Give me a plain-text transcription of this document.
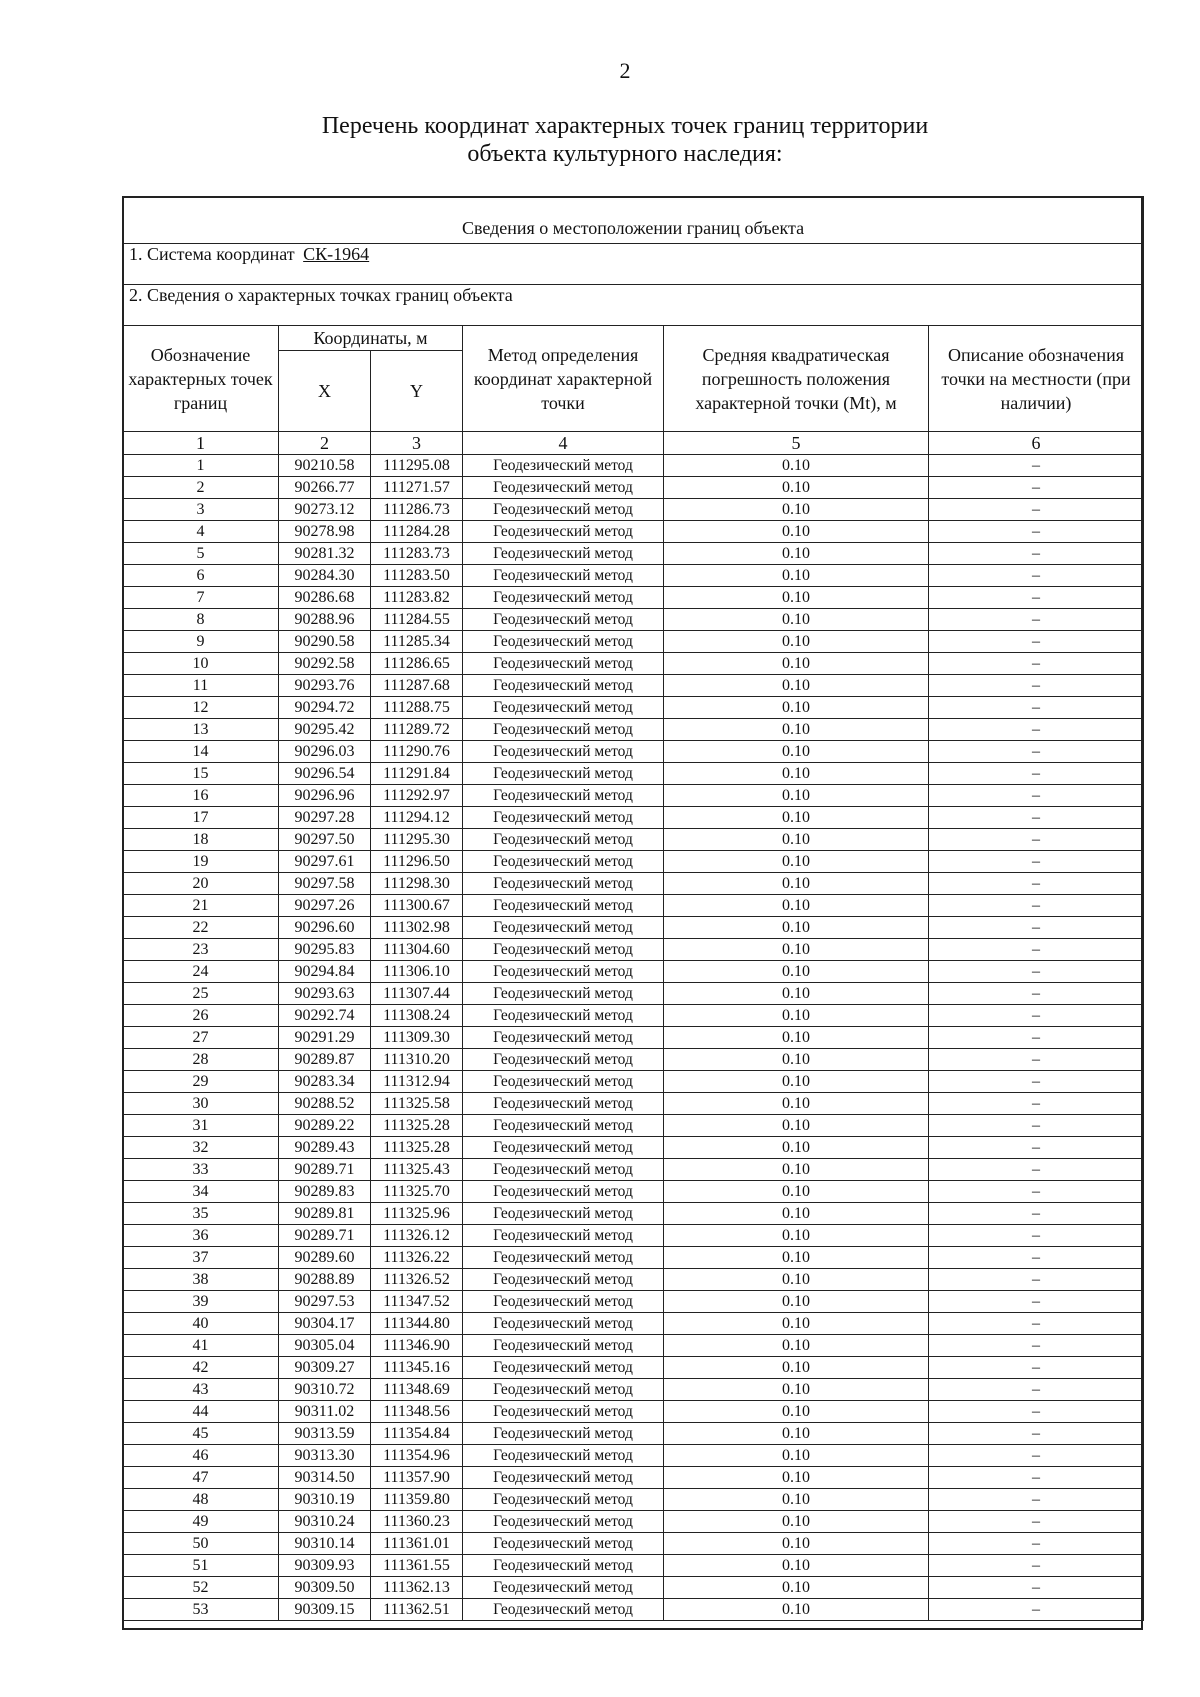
2
Перечень координат характерных точек границ территории
объекта культурного наследия:
Сведения о местоположении границ объекта					
1. Система координат СК-1964					
2. Сведения о характерных точках границ объекта					
Обозначение характерных точек границ	Координаты, м		Метод определения координат характерной точки	Средняя квадратическая погрешность положения характерной точки (Mt), м	Описание обозначения точки на местности (при наличии)
	X	Y			
1	2	3	4	5	6
1	90210.58	111295.08	Геодезический метод	0.10	–
2	90266.77	111271.57	Геодезический метод	0.10	–
3	90273.12	111286.73	Геодезический метод	0.10	–
4	90278.98	111284.28	Геодезический метод	0.10	–
5	90281.32	111283.73	Геодезический метод	0.10	–
6	90284.30	111283.50	Геодезический метод	0.10	–
7	90286.68	111283.82	Геодезический метод	0.10	–
8	90288.96	111284.55	Геодезический метод	0.10	–
9	90290.58	111285.34	Геодезический метод	0.10	–
10	90292.58	111286.65	Геодезический метод	0.10	–
11	90293.76	111287.68	Геодезический метод	0.10	–
12	90294.72	111288.75	Геодезический метод	0.10	–
13	90295.42	111289.72	Геодезический метод	0.10	–
14	90296.03	111290.76	Геодезический метод	0.10	–
15	90296.54	111291.84	Геодезический метод	0.10	–
16	90296.96	111292.97	Геодезический метод	0.10	–
17	90297.28	111294.12	Геодезический метод	0.10	–
18	90297.50	111295.30	Геодезический метод	0.10	–
19	90297.61	111296.50	Геодезический метод	0.10	–
20	90297.58	111298.30	Геодезический метод	0.10	–
21	90297.26	111300.67	Геодезический метод	0.10	–
22	90296.60	111302.98	Геодезический метод	0.10	–
23	90295.83	111304.60	Геодезический метод	0.10	–
24	90294.84	111306.10	Геодезический метод	0.10	–
25	90293.63	111307.44	Геодезический метод	0.10	–
26	90292.74	111308.24	Геодезический метод	0.10	–
27	90291.29	111309.30	Геодезический метод	0.10	–
28	90289.87	111310.20	Геодезический метод	0.10	–
29	90283.34	111312.94	Геодезический метод	0.10	–
30	90288.52	111325.58	Геодезический метод	0.10	–
31	90289.22	111325.28	Геодезический метод	0.10	–
32	90289.43	111325.28	Геодезический метод	0.10	–
33	90289.71	111325.43	Геодезический метод	0.10	–
34	90289.83	111325.70	Геодезический метод	0.10	–
35	90289.81	111325.96	Геодезический метод	0.10	–
36	90289.71	111326.12	Геодезический метод	0.10	–
37	90289.60	111326.22	Геодезический метод	0.10	–
38	90288.89	111326.52	Геодезический метод	0.10	–
39	90297.53	111347.52	Геодезический метод	0.10	–
40	90304.17	111344.80	Геодезический метод	0.10	–
41	90305.04	111346.90	Геодезический метод	0.10	–
42	90309.27	111345.16	Геодезический метод	0.10	–
43	90310.72	111348.69	Геодезический метод	0.10	–
44	90311.02	111348.56	Геодезический метод	0.10	–
45	90313.59	111354.84	Геодезический метод	0.10	–
46	90313.30	111354.96	Геодезический метод	0.10	–
47	90314.50	111357.90	Геодезический метод	0.10	–
48	90310.19	111359.80	Геодезический метод	0.10	–
49	90310.24	111360.23	Геодезический метод	0.10	–
50	90310.14	111361.01	Геодезический метод	0.10	–
51	90309.93	111361.55	Геодезический метод	0.10	–
52	90309.50	111362.13	Геодезический метод	0.10	–
53	90309.15	111362.51	Геодезический метод	0.10	–
